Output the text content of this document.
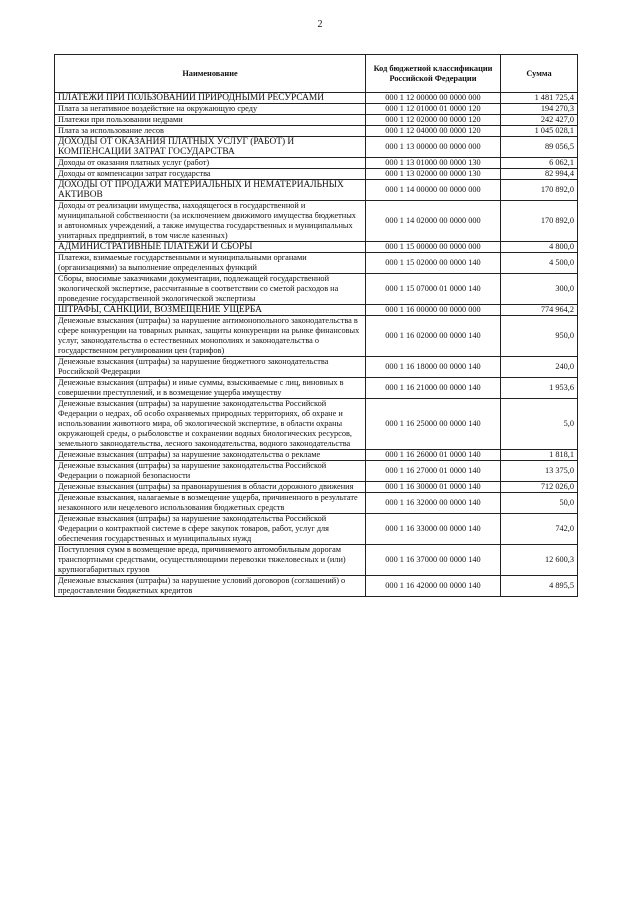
2
Наименование	Код бюджетной классификации Российской Федерации	Сумма
ПЛАТЕЖИ ПРИ ПОЛЬЗОВАНИИ ПРИРОДНЫМИ РЕСУРСАМИ	000 1 12 00000 00 0000 000	1 481 725,4
Плата за негативное воздействие на окружающую среду	000 1 12 01000 01 0000 120	194 270,3
Платежи при пользовании недрами	000 1 12 02000 00 0000 120	242 427,0
Плата за использование лесов	000 1 12 04000 00 0000 120	1 045 028,1
ДОХОДЫ ОТ ОКАЗАНИЯ ПЛАТНЫХ УСЛУГ (РАБОТ) И КОМПЕНСАЦИИ ЗАТРАТ ГОСУДАРСТВА	000 1 13 00000 00 0000 000	89 056,5
Доходы от оказания платных услуг (работ)	000 1 13 01000 00 0000 130	6 062,1
Доходы от компенсации затрат государства	000 1 13 02000 00 0000 130	82 994,4
ДОХОДЫ ОТ ПРОДАЖИ МАТЕРИАЛЬНЫХ И НЕМАТЕРИАЛЬНЫХ АКТИВОВ	000 1 14 00000 00 0000 000	170 892,0
Доходы от реализации имущества, находящегося в государственной и муниципальной собственности (за исключением движимого имущества бюджетных и автономных учреждений, а также имущества государственных и муниципальных унитарных предприятий, в том числе казенных)	000 1 14 02000 00 0000 000	170 892,0
АДМИНИСТРАТИВНЫЕ ПЛАТЕЖИ И СБОРЫ	000 1 15 00000 00 0000 000	4 800,0
Платежи, взимаемые государственными и муниципальными органами (организациями) за выполнение определенных функций	000 1 15 02000 00 0000 140	4 500,0
Сборы, вносимые заказчиками документации, подлежащей государственной экологической экспертизе, рассчитанные в соответствии со сметой расходов на проведение государственной экологической экспертизы	000 1 15 07000 01 0000 140	300,0
ШТРАФЫ, САНКЦИИ, ВОЗМЕЩЕНИЕ УЩЕРБА	000 1 16 00000 00 0000 000	774 964,2
Денежные взыскания (штрафы) за нарушение антимонопольного законодательства в сфере конкуренции на товарных рынках, защиты конкуренции на рынке финансовых услуг, законодательства о естественных монополиях и законодательства о государственном регулировании цен (тарифов)	000 1 16 02000 00 0000 140	950,0
Денежные взыскания (штрафы) за нарушение бюджетного законодательства Российской Федерации	000 1 16 18000 00 0000 140	240,0
Денежные взыскания (штрафы) и иные суммы, взыскиваемые с лиц, виновных в совершении преступлений, и в возмещение ущерба имуществу	000 1 16 21000 00 0000 140	1 953,6
Денежные взыскания (штрафы) за нарушение законодательства Российской Федерации о недрах, об особо охраняемых природных территориях, об охране и использовании животного мира, об экологической экспертизе, в области охраны окружающей среды, о рыболовстве и сохранении водных биологических ресурсов, земельного законодательства, лесного законодательства, водного законодательства	000 1 16 25000 00 0000 140	5,0
Денежные взыскания (штрафы) за нарушение законодательства о рекламе	000 1 16 26000 01 0000 140	1 818,1
Денежные взыскания (штрафы) за нарушение законодательства Российской Федерации о пожарной безопасности	000 1 16 27000 01 0000 140	13 375,0
Денежные взыскания (штрафы) за правонарушения в области дорожного движения	000 1 16 30000 01 0000 140	712 026,0
Денежные взыскания, налагаемые в возмещение ущерба, причиненного в результате незаконного или нецелевого использования бюджетных средств	000 1 16 32000 00 0000 140	50,0
Денежные взыскания (штрафы) за нарушение законодательства Российской Федерации о контрактной системе в сфере закупок товаров, работ, услуг для обеспечения государственных и муниципальных нужд	000 1 16 33000 00 0000 140	742,0
Поступления сумм в возмещение вреда, причиняемого автомобильным дорогам транспортными средствами, осуществляющими перевозки тяжеловесных и (или) крупногабаритных грузов	000 1 16 37000 00 0000 140	12 600,3
Денежные взыскания (штрафы) за нарушение условий договоров (соглашений) о предоставлении бюджетных кредитов	000 1 16 42000 00 0000 140	4 895,5
